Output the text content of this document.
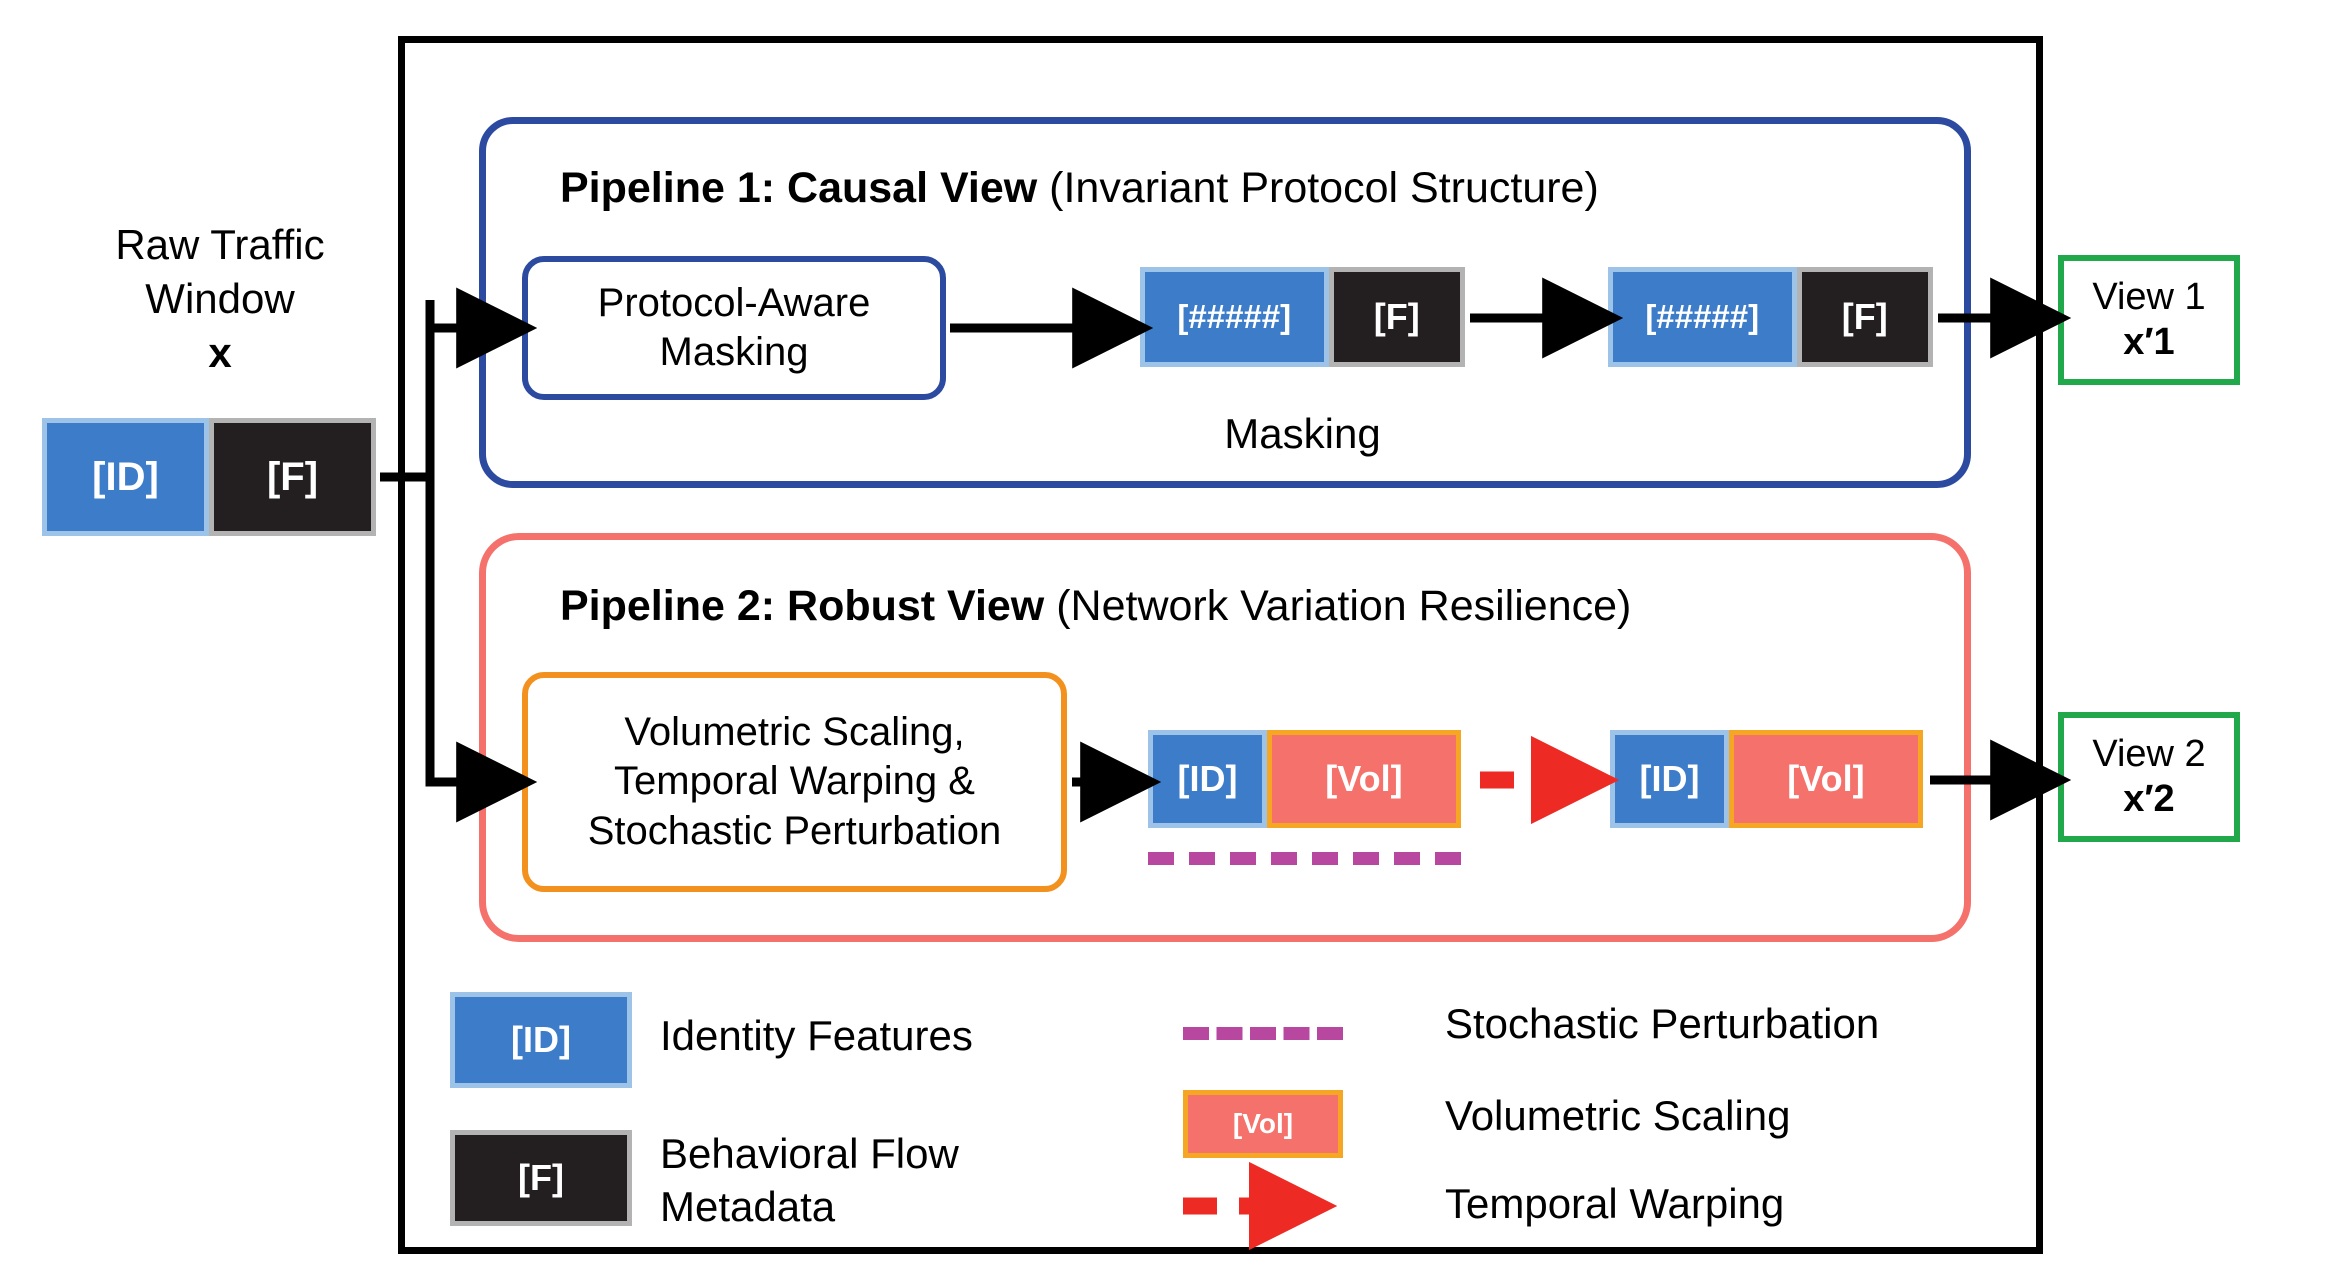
Raw Traffic
Window
x
[ID]	[F]
Pipeline 1: Causal View (Invariant Protocol Structure)
Protocol-Aware
Masking
[#####]	[F]	[#####]	[F]
Masking
Pipeline 2: Robust View (Network Variation Resilience)
Volumetric Scaling,
Temporal Warping &
Stochastic Perturbation
[ID]	[Vol]	[ID]	[Vol]
View 1
x′1
View 2
x′2
[ID]	Identity Features
[F]
Behavioral Flow
Metadata
Stochastic Perturbation
[Vol]	Volumetric Scaling
Temporal Warping
